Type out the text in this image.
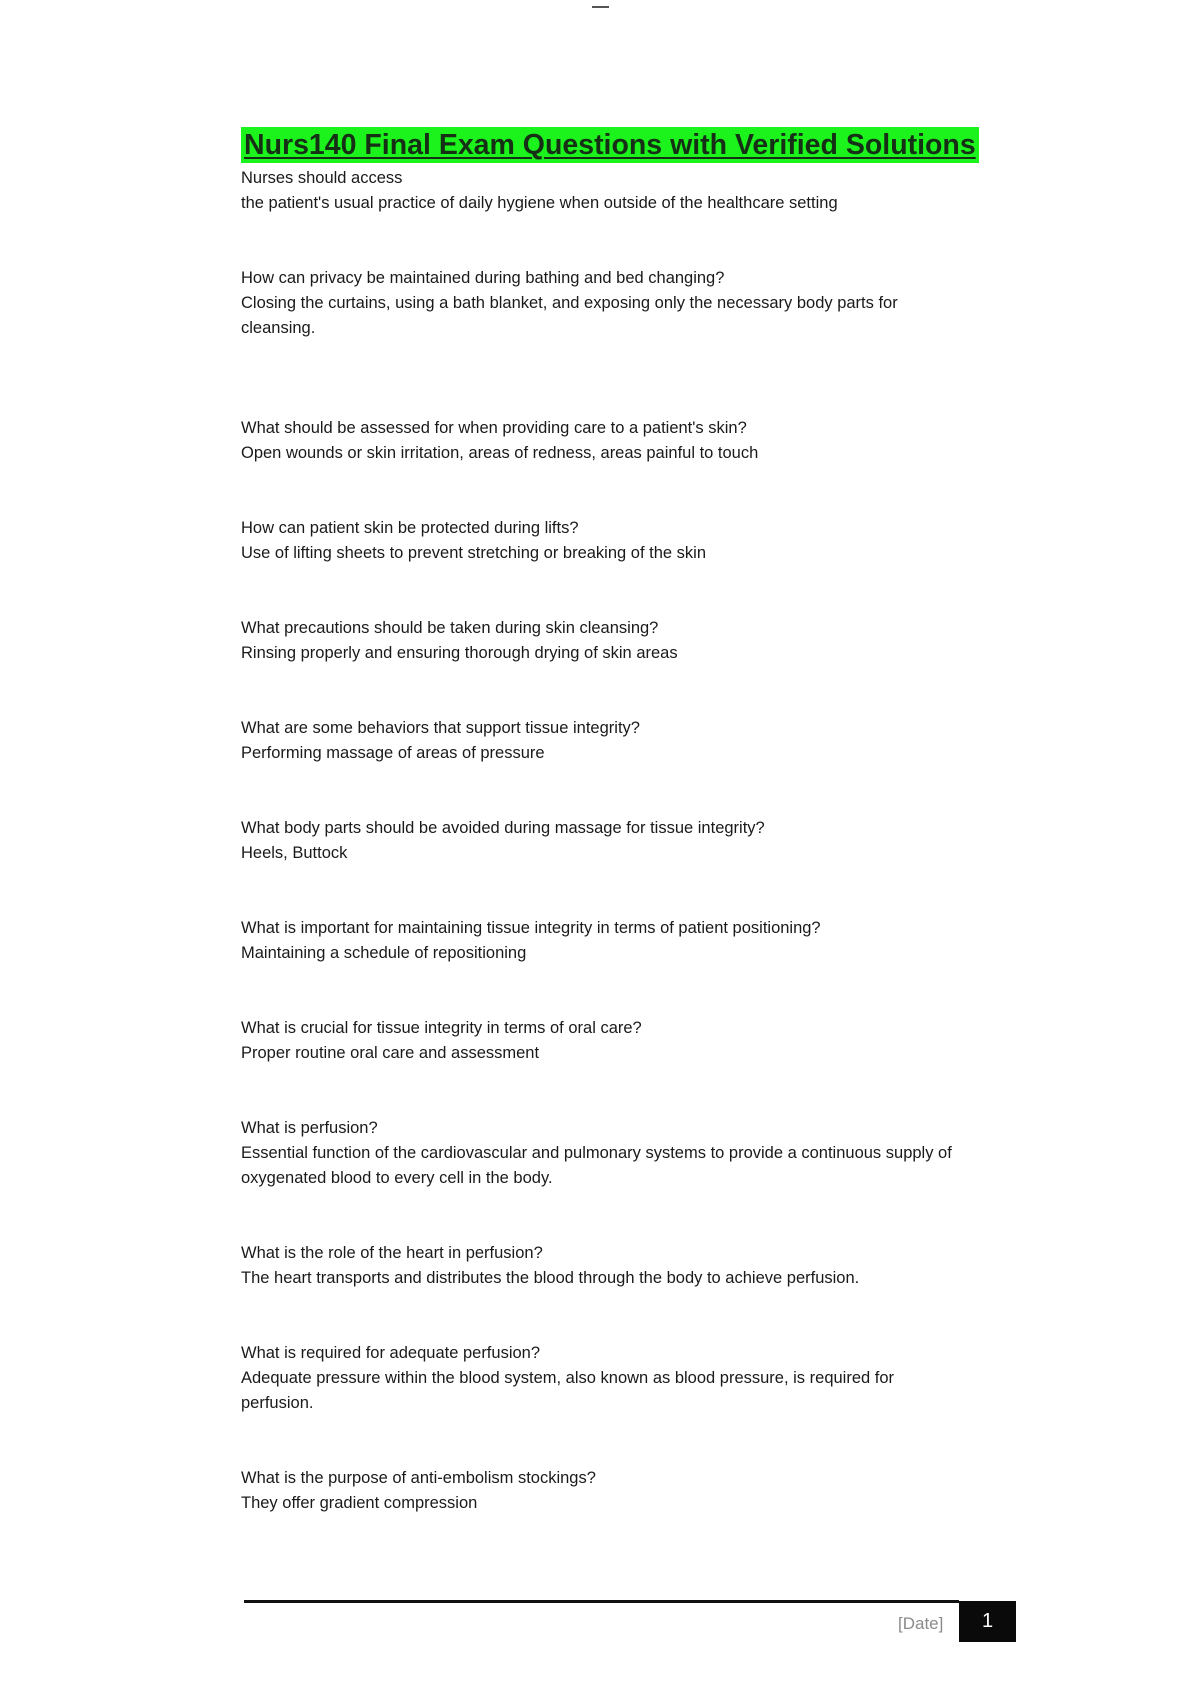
Nurs140 Final Exam Questions with Verified Solutions

Nurses should access

the patient's usual practice of daily hygiene when outside of the healthcare setting

How can privacy be maintained during bathing and bed changing?

Closing the curtains, using a bath blanket, and exposing only the necessary body parts for cleansing.

What should be assessed for when providing care to a patient's skin?

Open wounds or skin irritation, areas of redness, areas painful to touch

How can patient skin be protected during lifts?

Use of lifting sheets to prevent stretching or breaking of the skin

What precautions should be taken during skin cleansing?

Rinsing properly and ensuring thorough drying of skin areas

What are some behaviors that support tissue integrity?

Performing massage of areas of pressure

What body parts should be avoided during massage for tissue integrity?

Heels, Buttock

What is important for maintaining tissue integrity in terms of patient positioning?

Maintaining a schedule of repositioning

What is crucial for tissue integrity in terms of oral care?

Proper routine oral care and assessment

What is perfusion?

Essential function of the cardiovascular and pulmonary systems to provide a continuous supply of oxygenated blood to every cell in the body.

What is the role of the heart in perfusion?

The heart transports and distributes the blood through the body to achieve perfusion.

What is required for adequate perfusion?

Adequate pressure within the blood system, also known as blood pressure, is required for perfusion.

What is the purpose of anti-embolism stockings?

They offer gradient compression

[Date]	1
